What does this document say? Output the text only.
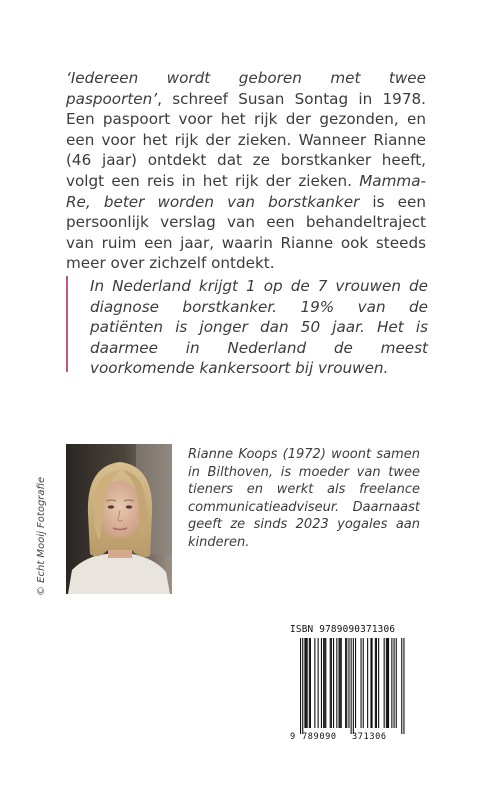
‘Iedereen wordt geboren met twee paspoorten’, schreef Susan Sontag in 1978. Een paspoort voor het rijk der gezonden, en een voor het rijk der zieken. Wanneer Rianne (46 jaar) ontdekt dat ze borstkanker heeft, volgt een reis in het rijk der zieken. Mamma-Re, beter worden van borstkanker is een persoonlijk verslag van een behandeltraject van ruim een jaar, waarin Rianne ook steeds meer over zichzelf ontdekt.
In Nederland krijgt 1 op de 7 vrouwen de diagnose borstkanker. 19% van de patiënten is jonger dan 50 jaar. Het is daarmee in Nederland de meest voorkomende kankersoort bij vrouwen.
© Echt Mooij Fotografie
Rianne Koops (1972) woont samen in Bilthoven, is moeder van twee tieners en werkt als freelance communicatieadviseur. Daarnaast geeft ze sinds 2023 yogales aan kinderen.
ISBN 9789090371306
9 789090 371306
